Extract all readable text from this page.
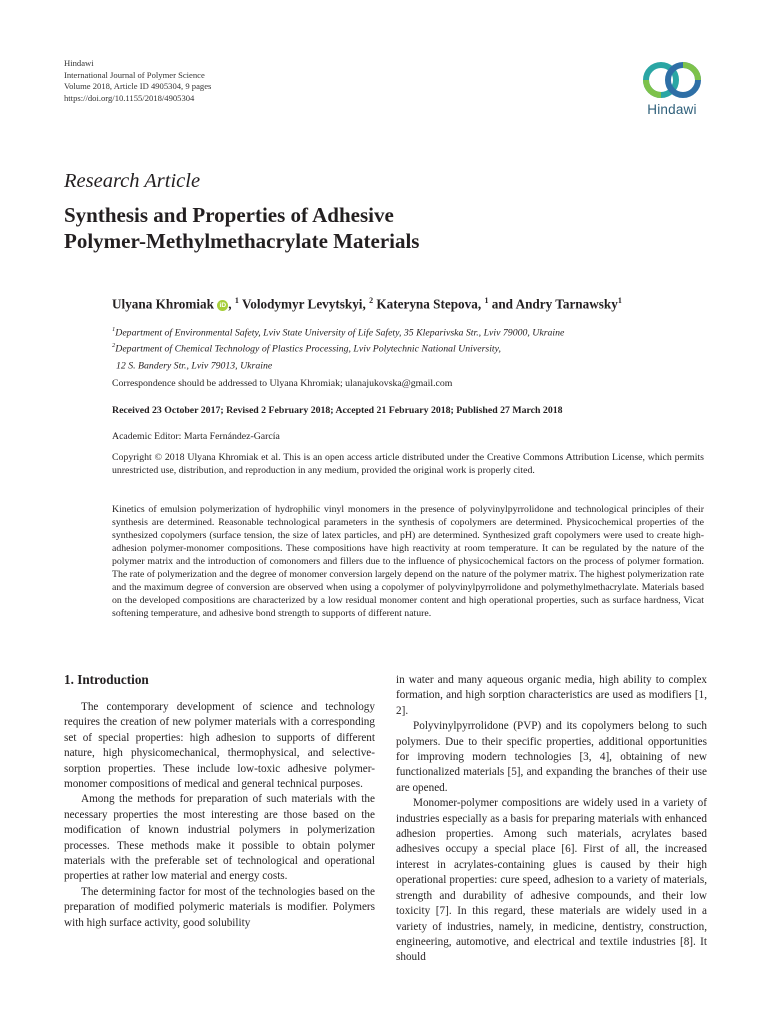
Hindawi
International Journal of Polymer Science
Volume 2018, Article ID 4905304, 9 pages
https://doi.org/10.1155/2018/4905304
Hindawi
Research Article
Synthesis and Properties of Adhesive
Polymer-Methylmethacrylate Materials
Ulyana Khromiak iD , $^1$ Volodymyr Levytskyi, $^2$ Kateryna Stepova, $^1$ and Andry Tarnawsky$^1$
$^1$Department of Environmental Safety, Lviv State University of Life Safety, 35 Kleparivska Str., Lviv 79000, Ukraine
$^2$Department of Chemical Technology of Plastics Processing, Lviv Polytechnic National University,
12 S. Bandery Str., Lviv 79013, Ukraine
Correspondence should be addressed to Ulyana Khromiak; ulanajukovska@gmail.com
Received 23 October 2017; Revised 2 February 2018; Accepted 21 February 2018; Published 27 March 2018
Academic Editor: Marta Fernández-García
Copyright © 2018 Ulyana Khromiak et al. This is an open access article distributed under the Creative Commons Attribution License, which permits unrestricted use, distribution, and reproduction in any medium, provided the original work is properly cited.
Kinetics of emulsion polymerization of hydrophilic vinyl monomers in the presence of polyvinylpyrrolidone and technological principles of their synthesis are determined. Reasonable technological parameters in the synthesis of copolymers are determined. Physicochemical properties of the synthesized copolymers (surface tension, the size of latex particles, and pH) are determined. Synthesized graft copolymers were used to create high-adhesion polymer-monomer compositions. These compositions have high reactivity at room temperature. It can be regulated by the nature of the polymer matrix and the introduction of comonomers and fillers due to the influence of physicochemical factors on the process of polymer formation. The rate of polymerization and the degree of monomer conversion largely depend on the nature of the polymer matrix. The highest polymerization rate and the maximum degree of conversion are observed when using a copolymer of polyvinylpyrrolidone and polymethylmethacrylate. Materials based on the developed compositions are characterized by a low residual monomer content and high operational properties, such as surface hardness, Vicat softening temperature, and adhesive bond strength to supports of different nature.
1. Introduction

The contemporary development of science and technology requires the creation of new polymer materials with a corresponding set of special properties: high adhesion to supports of different nature, high physicomechanical, thermophysical, and selective-sorption properties. These include low-toxic adhesive polymer-monomer compositions of medical and general technical purposes.

Among the methods for preparation of such materials with the necessary properties the most interesting are those based on the modification of known industrial polymers in polymerization processes. These methods make it possible to obtain polymer materials with the preferable set of technological and operational properties at rather low material and energy costs.

The determining factor for most of the technologies based on the preparation of modified polymeric materials is modifier. Polymers with high surface activity, good solubility

in water and many aqueous organic media, high ability to complex formation, and high sorption characteristics are used as modifiers [1, 2].

Polyvinylpyrrolidone (PVP) and its copolymers belong to such polymers. Due to their specific properties, additional opportunities for improving modern technologies [3, 4], obtaining of new functionalized materials [5], and expanding the branches of their use are opened.

Monomer-polymer compositions are widely used in a variety of industries especially as a basis for preparing materials with enhanced adhesion properties. Among such materials, acrylates based adhesives occupy a special place [6]. First of all, the increased interest in acrylates-containing glues is caused by their high operational properties: cure speed, adhesion to a variety of materials, strength and durability of adhesive compounds, and their low toxicity [7]. In this regard, these materials are widely used in a variety of industries, namely, in medicine, dentistry, construction, engineering, automotive, and electrical and textile industries [8]. It should
